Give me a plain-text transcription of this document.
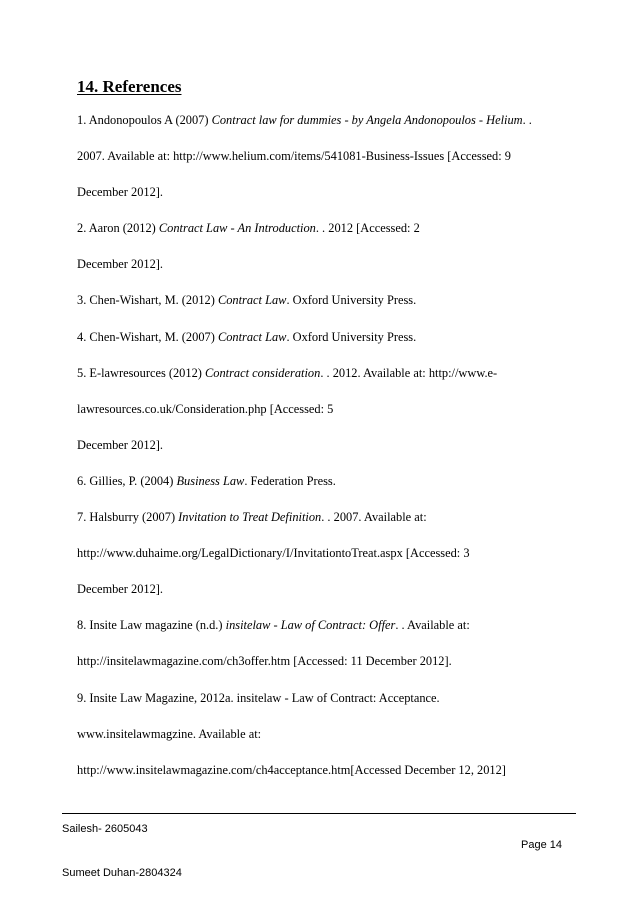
14. References
1. Andonopoulos A (2007) Contract law for dummies - by Angela Andonopoulos - Helium. .
2007. Available at: http://www.helium.com/items/541081-Business-Issues [Accessed: 9
December 2012].
2. Aaron (2012) Contract Law - An Introduction. . 2012 [Accessed: 2
December 2012].
3. Chen-Wishart, M. (2012) Contract Law. Oxford University Press.
4. Chen-Wishart, M. (2007) Contract Law. Oxford University Press.
5. E-lawresources (2012) Contract consideration. . 2012. Available at: http://www.e-
lawresources.co.uk/Consideration.php [Accessed: 5
December 2012].
6. Gillies, P. (2004) Business Law. Federation Press.
7. Halsburry (2007) Invitation to Treat Definition. . 2007. Available at:
http://www.duhaime.org/LegalDictionary/I/InvitationtoTreat.aspx [Accessed: 3
December 2012].
8. Insite Law magazine (n.d.) insitelaw - Law of Contract: Offer. . Available at:
http://insitelawmagazine.com/ch3offer.htm [Accessed: 11 December 2012].
9. Insite Law Magazine, 2012a. insitelaw - Law of Contract: Acceptance.
www.insitelawmagzine. Available at:
http://www.insitelawmagazine.com/ch4acceptance.htm[Accessed December 12, 2012]
Sailesh- 2605043
Page 14
Sumeet Duhan-2804324
